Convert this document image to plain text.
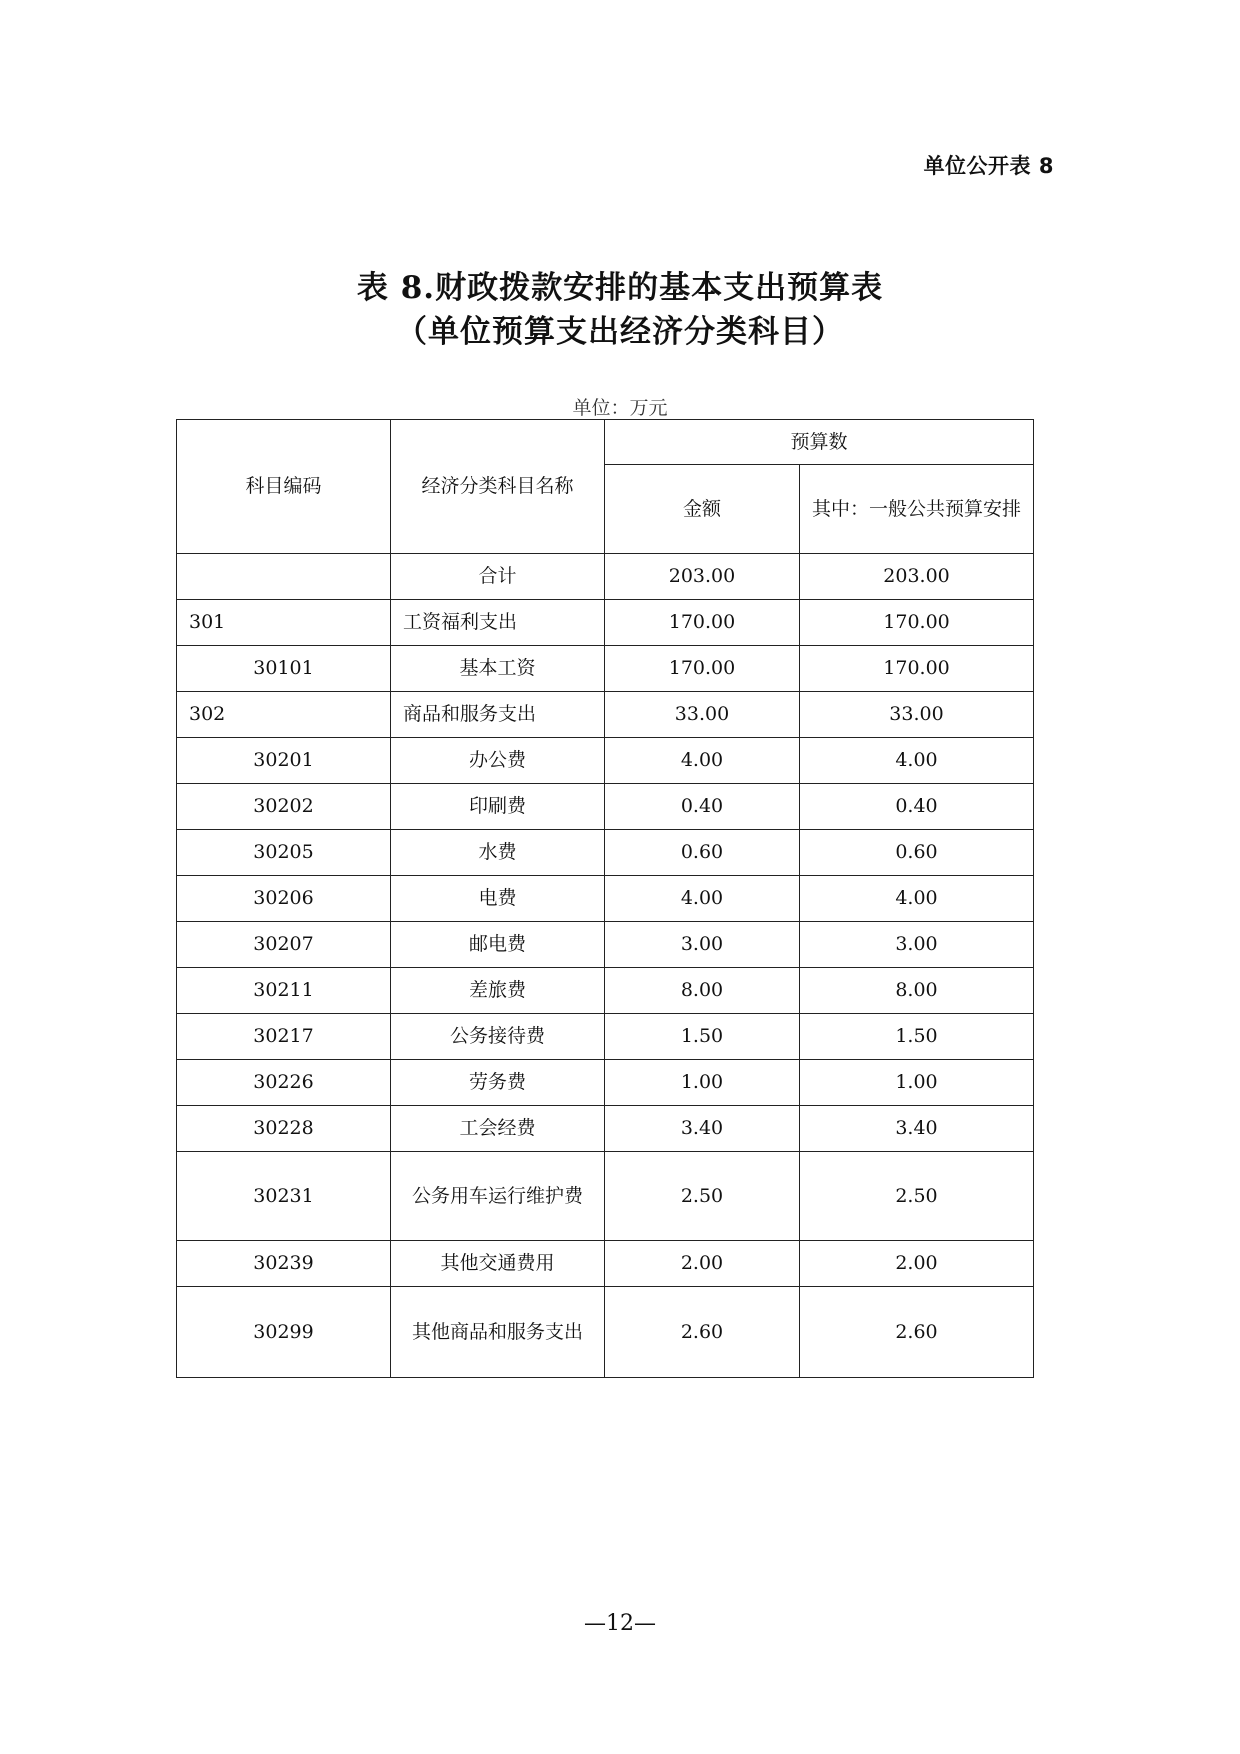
单位公开表 8
表 8.财政拨款安排的基本支出预算表
（单位预算支出经济分类科目）
单位：万元
科目编码	经济分类科目名称	预算数	
		金额	其中：一般公共预算安排
	合计	203.00	203.00
301	工资福利支出	170.00	170.00
30101	基本工资	170.00	170.00
302	商品和服务支出	33.00	33.00
30201	办公费	4.00	4.00
30202	印刷费	0.40	0.40
30205	水费	0.60	0.60
30206	电费	4.00	4.00
30207	邮电费	3.00	3.00
30211	差旅费	8.00	8.00
30217	公务接待费	1.50	1.50
30226	劳务费	1.00	1.00
30228	工会经费	3.40	3.40
30231	公务用车运行维护费	2.50	2.50
30239	其他交通费用	2.00	2.00
30299	其他商品和服务支出	2.60	2.60
—12—
